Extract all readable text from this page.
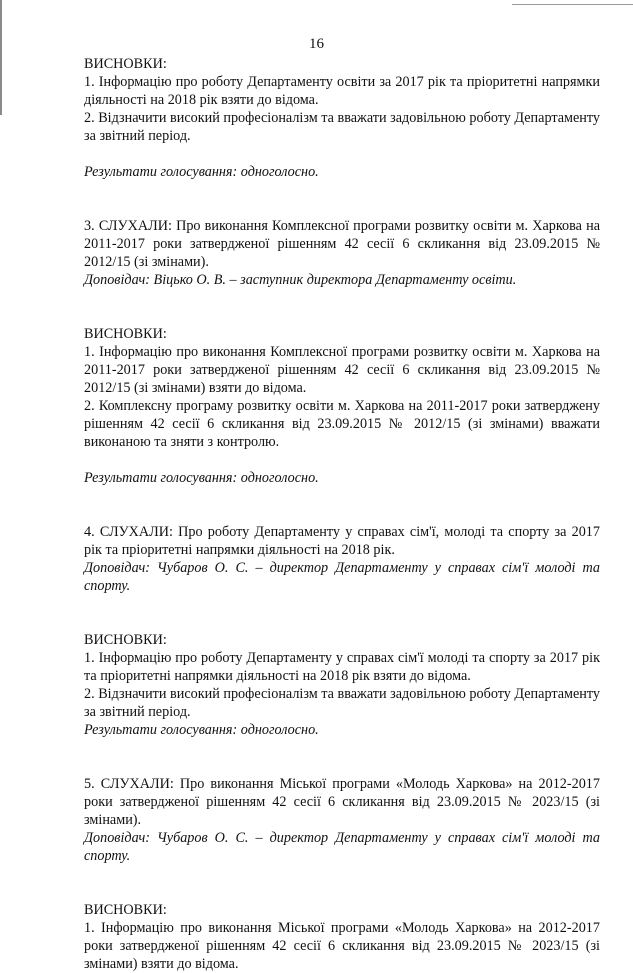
16

ВИСНОВКИ:

1. Інформацію про роботу Департаменту освіти за 2017 рік та пріоритетні напрямки діяльності на 2018 рік взяти до відома.

2. Відзначити високий професіоналізм та вважати задовільною роботу Департаменту за звітний період.

Результати голосування: одноголосно.

3. СЛУХАЛИ: Про виконання Комплексної програми розвитку освіти м. Харкова на 2011-2017 роки затвердженої рішенням 42 сесії 6 скликання від 23.09.2015 № 2012/15 (зі змінами).

Доповідач: Віцько О. В. – заступник директора Департаменту освіти.

ВИСНОВКИ:

1. Інформацію про виконання Комплексної програми розвитку освіти м. Харкова на 2011-2017 роки затвердженої рішенням 42 сесії 6 скликання від 23.09.2015 № 2012/15 (зі змінами) взяти до відома.

2. Комплексну програму розвитку освіти м. Харкова на 2011-2017 роки затверджену рішенням 42 сесії 6 скликання від 23.09.2015 № 2012/15 (зі змінами) вважати виконаною та зняти з контролю.

Результати голосування: одноголосно.

4. СЛУХАЛИ: Про роботу Департаменту у справах сім'ї, молоді та спорту за 2017 рік та пріоритетні напрямки діяльності на 2018 рік.

Доповідач: Чубаров О. С. – директор Департаменту у справах сім'ї молоді та спорту.

ВИСНОВКИ:

1. Інформацію про роботу Департаменту у справах сім'ї молоді та спорту за 2017 рік та пріоритетні напрямки діяльності на 2018 рік взяти до відома.

2. Відзначити високий професіоналізм та вважати задовільною роботу Департаменту за звітний період.

Результати голосування: одноголосно.

5. СЛУХАЛИ: Про виконання Міської програми «Молодь Харкова» на 2012-2017 роки затвердженої рішенням 42 сесії 6 скликання від 23.09.2015 № 2023/15 (зі змінами).

Доповідач: Чубаров О. С. – директор Департаменту у справах сім'ї молоді та спорту.

ВИСНОВКИ:

1. Інформацію про виконання Міської програми «Молодь Харкова» на 2012-2017 роки затвердженої рішенням 42 сесії 6 скликання від 23.09.2015 № 2023/15 (зі змінами) взяти до відома.
